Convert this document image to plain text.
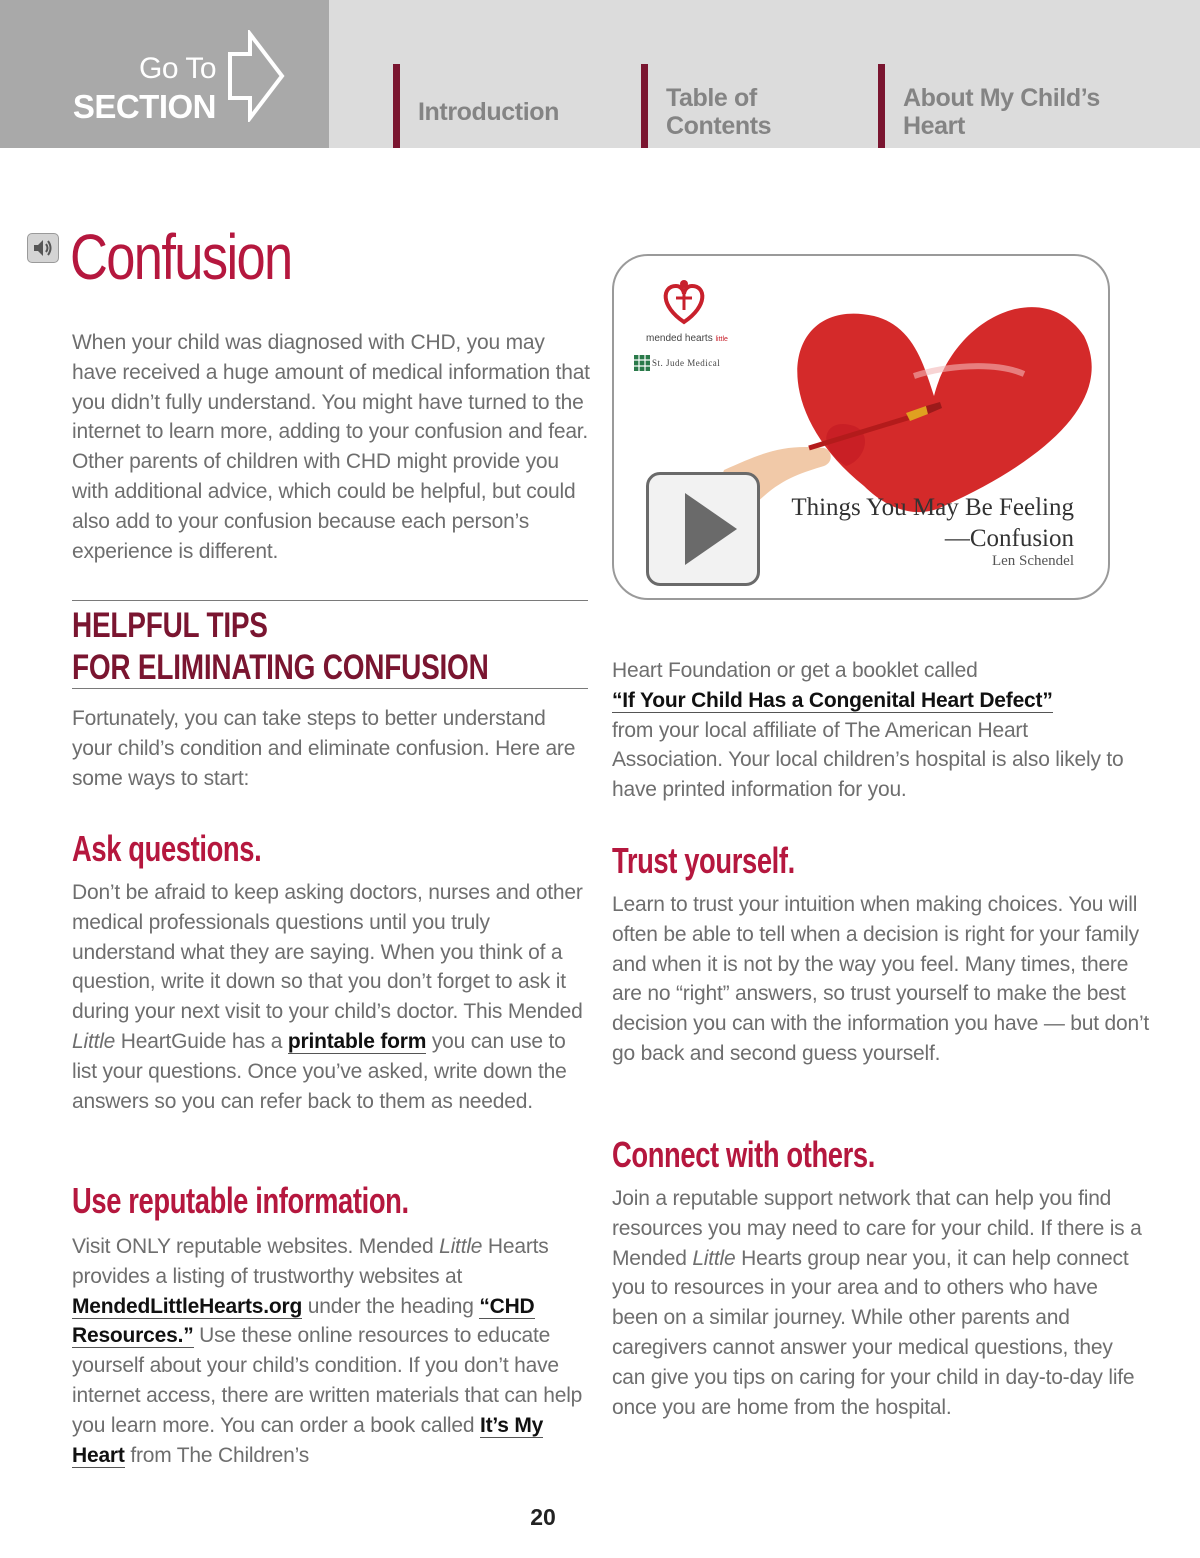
Go To
SECTION	Introduction	Table of Contents
About My Child’s Heart
Confusion
When your child was diagnosed with CHD, you may have received a huge amount of medical information that you didn’t fully understand. You might have turned to the internet to learn more, adding to your confusion and fear. Other parents of children with CHD might provide you with additional advice, which could be helpful, but could also add to your confusion because each person’s experience is different.
HELPFUL TIPS
FOR ELIMINATING CONFUSION
Fortunately, you can take steps to better understand your child’s condition and eliminate confusion. Here are some ways to start:
Ask questions.
Don’t be afraid to keep asking doctors, nurses and other medical professionals questions until you truly understand what they are saying. When you think of a question, write it down so that you don’t forget to ask it during your next visit to your child’s doctor. This Mended Little HeartGuide has a printable form you can use to list your questions. Once you’ve asked, write down the answers so you can refer back to them as needed.
Use reputable information.
Visit ONLY reputable websites. Mended Little Hearts provides a listing of trustworthy websites at MendedLittleHearts.org under the heading “CHD Resources.” Use these online resources to educate yourself about your child’s condition. If you don’t have internet access, there are written materials that can help you learn more. You can order a book called It’s My Heart from The Children’s
mended hearts little
St. Jude Medical
Things You May Be Feeling
—Confusion
Len Schendel
Heart Foundation or get a booklet called
“If Your Child Has a Congenital Heart Defect”
from your local affiliate of The American Heart Association. Your local children’s hospital is also likely to have printed information for you.
Trust yourself.
Learn to trust your intuition when making choices. You will often be able to tell when a decision is right for your family and when it is not by the way you feel. Many times, there are no “right” answers, so trust yourself to make the best decision you can with the information you have — but don’t go back and second guess yourself.
Connect with others.
Join a reputable support network that can help you find resources you may need to care for your child. If there is a Mended Little Hearts group near you, it can help connect you to resources in your area and to others who have been on a similar journey. While other parents and caregivers cannot answer your medical questions, they can give you tips on caring for your child in day-to-day life once you are home from the hospital.
20
